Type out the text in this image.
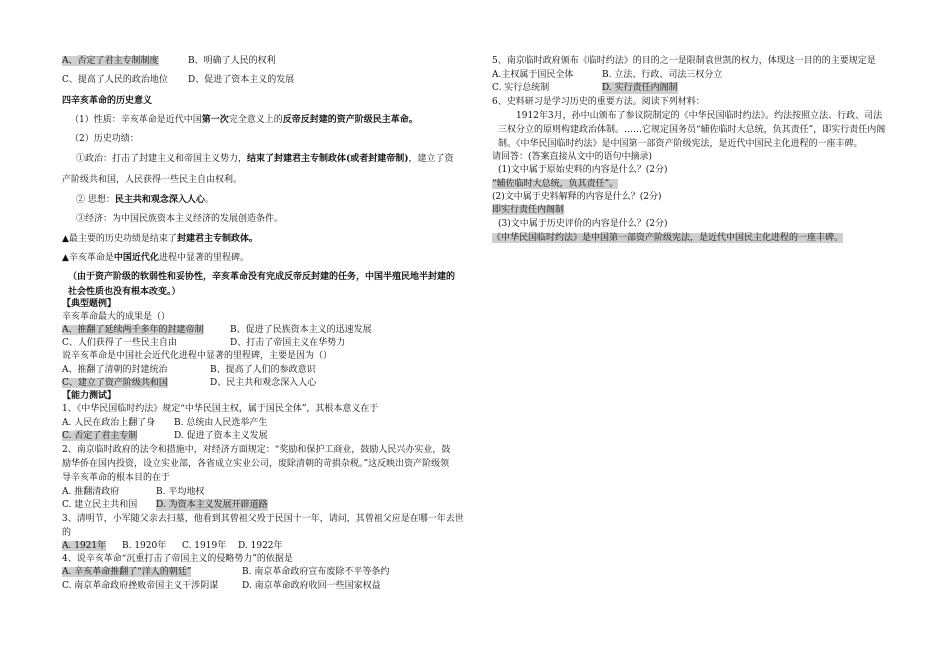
A、否定了君主专制制度	B、明确了人民的权利
C、提高了人民的政治地位 D、促进了资本主义的发展
四辛亥革命的历史意义
（1）性质：辛亥革命是近代中国第一次完全意义上的反帝反封建的资产阶级民主革命。
（2）历史功绩：
①政治：打击了封建主义和帝国主义势力，结束了封建君主专制政体(或者封建帝制)，建立了资
产阶级共和国，人民获得一些民主自由权利。
② 思想：民主共和观念深入人心。
③经济：为中国民族资本主义经济的发展创造条件。
▲最主要的历史功绩是结束了封建君主专制政体。
▲辛亥革命是中国近代化进程中显著的里程碑。
（由于资产阶级的软弱性和妥协性，辛亥革命没有完成反帝反封建的任务，中国半殖民地半封建的
社会性质也没有根本改变。）
【典型题例】
辛亥革命最大的成果是（）
A、推翻了延续两千多年的封建帝制	B、促进了民族资本主义的迅速发展
C、人们获得了一些民主自由	D、打击了帝国主义在华势力
说辛亥革命是中国社会近代化进程中显著的里程碑，主要是因为（）
A、推翻了清朝的封建统治	B、提高了人们的参政意识
C、建立了资产阶级共和国	D、民主共和观念深入人心
【能力测试】
1、《中华民国临时约法》规定“中华民国主权，属于国民全体”，其根本意义在于
A. 人民在政治上翻了身 B. 总统由人民选举产生
C. 否定了君主专制	D. 促进了资本主义发展
2、南京临时政府的法令和措施中，对经济方面规定：“奖励和保护工商业，鼓励人民兴办实业，鼓
励华侨在国内投资，设立实业部，各省成立实业公司，废除清朝的苛捐杂税。”这反映出资产阶级领
导辛亥革命的根本目的在于
A. 推翻清政府	B. 平均地权
C. 建立民主共和国 D. 为资本主义发展开辟道路
3、清明节，小军随父亲去扫墓，他看到其曾祖父殁于民国十一年，请问，其曾祖父应是在哪一年去世
的
A. 1921年 B. 1920年 C. 1919年 D. 1922年
4、说辛亥革命“沉重打击了帝国主义的侵略势力”的依据是
A. 辛亥革命推翻了“洋人的朝廷”	B. 南京革命政府宣布废除不平等条约
C. 南京革命政府挫败帝国主义干涉阴谋	D. 南京革命政府收回一些国家权益
5、南京临时政府颁布《临时约法》的目的之一是限制袁世凯的权力，体现这一目的的主要规定是
A.主权属于国民全体	B. 立法、行政、司法三权分立
C. 实行总统制	D. 实行责任内阁制
6、史料研习是学习历史的重要方法。阅读下列材料：
1912年3月，孙中山颁布了参议院制定的《中华民国临时约法》。约法按照立法、行政、司法
三权分立的原则构建政治体制。……它规定国务员“辅佐临时大总统，负其责任”，即实行责任内阁
制。《中华民国临时约法》是中国第一部资产阶级宪法，是近代中国民主化进程的一座丰碑。
请回答：(答案直接从文中的语句中摘录)
(1)文中属于原始史料的内容是什么？(2分)
“辅佐临时大总统，负其责任”。
(2)文中属于史料解释的内容是什么？(2分)
即实行责任内阁制
(3)文中属于历史评价的内容是什么？(2分)
《中华民国临时约法》是中国第一部资产阶级宪法，是近代中国民主化进程的一座丰碑。
